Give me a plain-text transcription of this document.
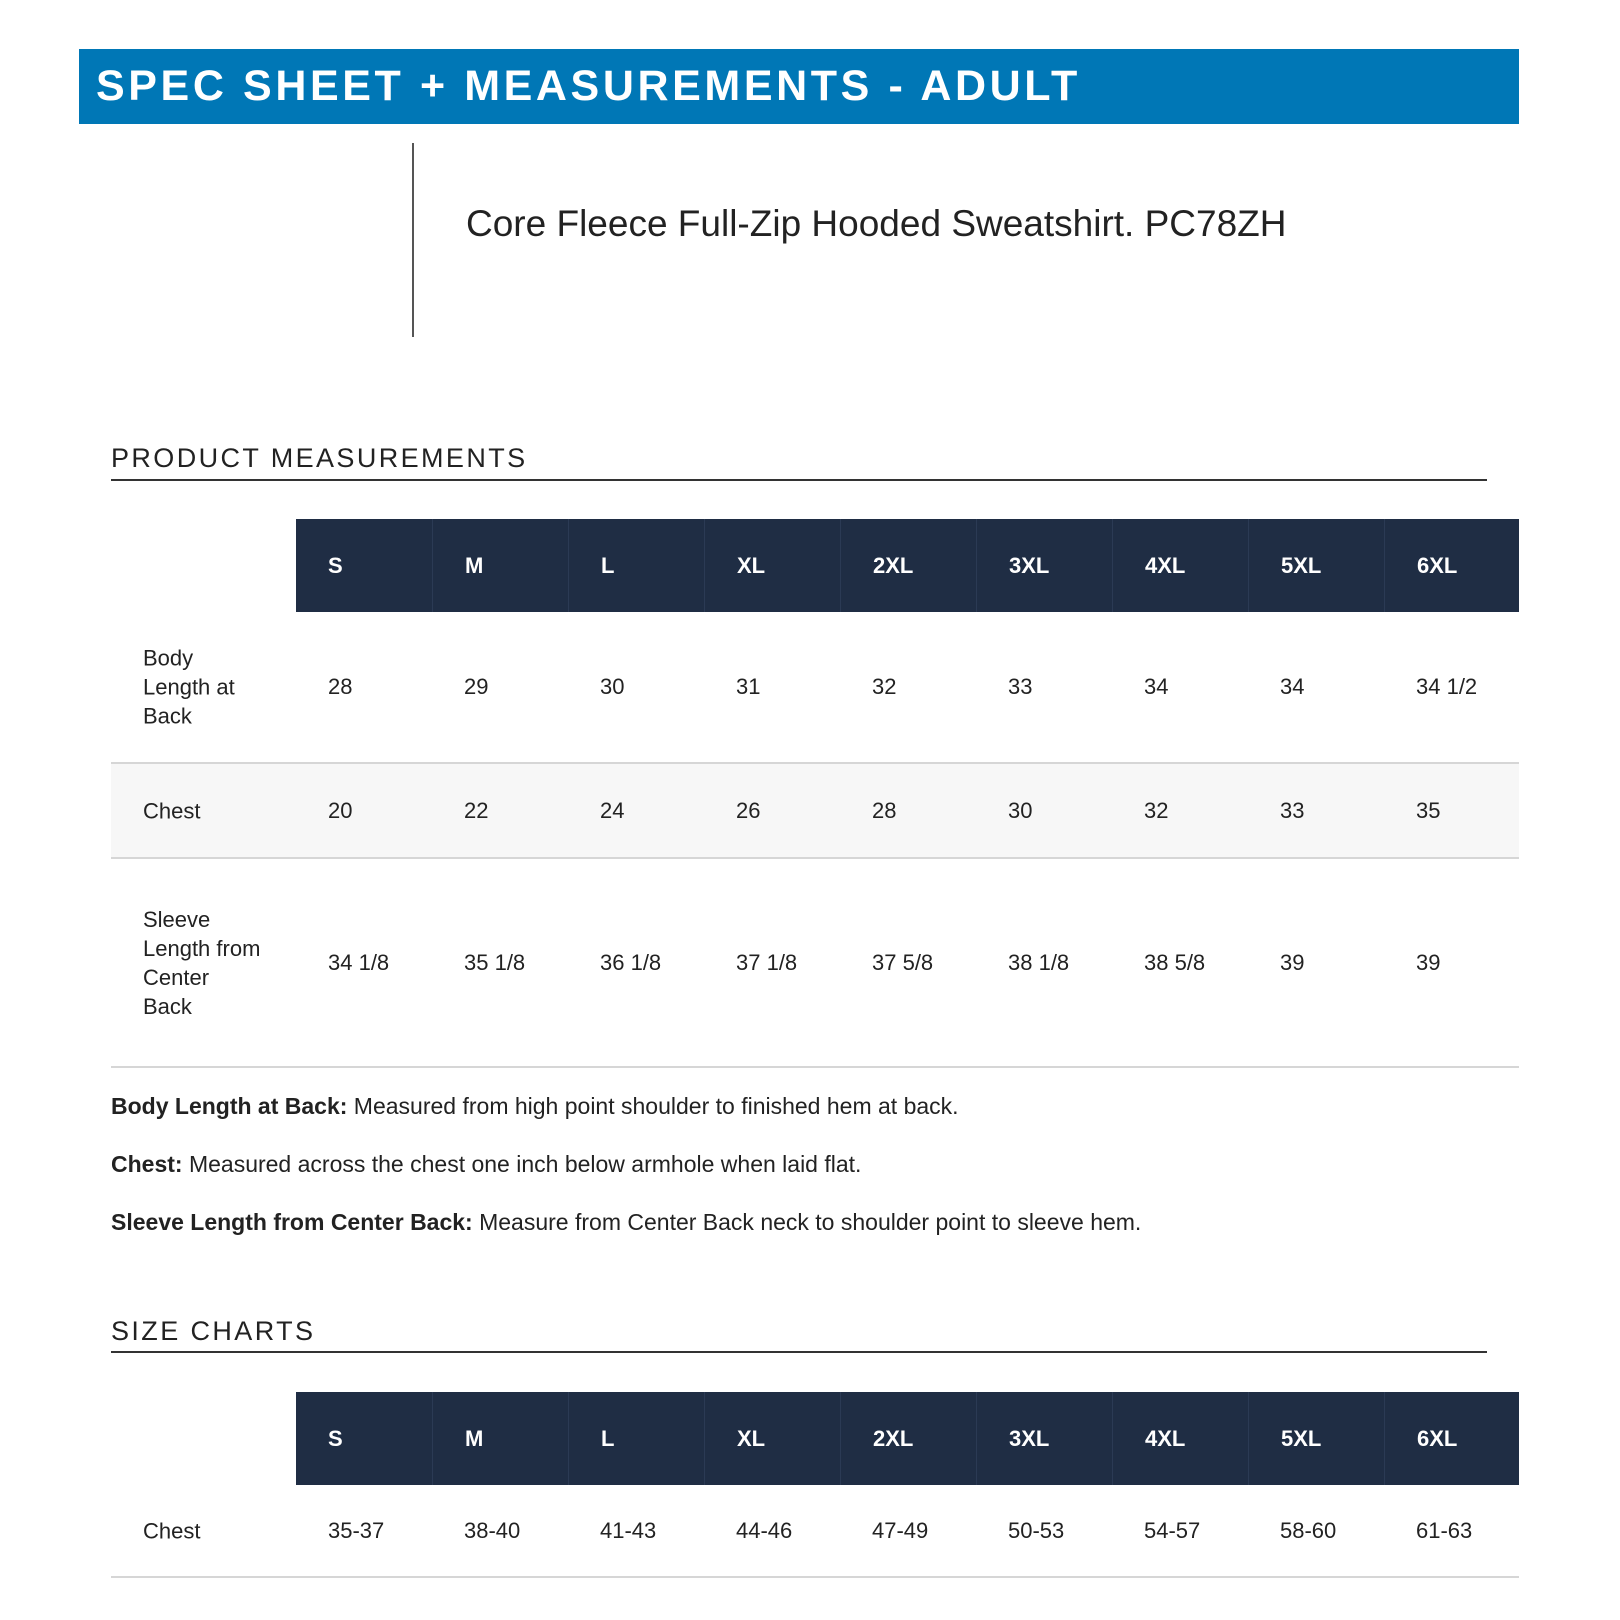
SPEC SHEET + MEASUREMENTS - ADULT
Core Fleece Full-Zip Hooded Sweatshirt. PC78ZH
PRODUCT MEASUREMENTS
S	M	L	XL	2XL	3XL	4XL	5XL	6XL
Body Length at Back
28	29	30	31	32	33	34	34	34 1/2
Chest	20	22	24	26	28	30	32	33	35
Sleeve Length from Center Back
34 1/8	35 1/8	36 1/8	37 1/8	37 5/8	38 1/8	38 5/8	39	39
Body Length at Back: Measured from high point shoulder to finished hem at back.
Chest: Measured across the chest one inch below armhole when laid flat.
Sleeve Length from Center Back: Measure from Center Back neck to shoulder point to sleeve hem.
SIZE CHARTS
S	M	L	XL	2XL	3XL	4XL	5XL	6XL
Chest	35-37	38-40	41-43	44-46	47-49	50-53	54-57	58-60	61-63
